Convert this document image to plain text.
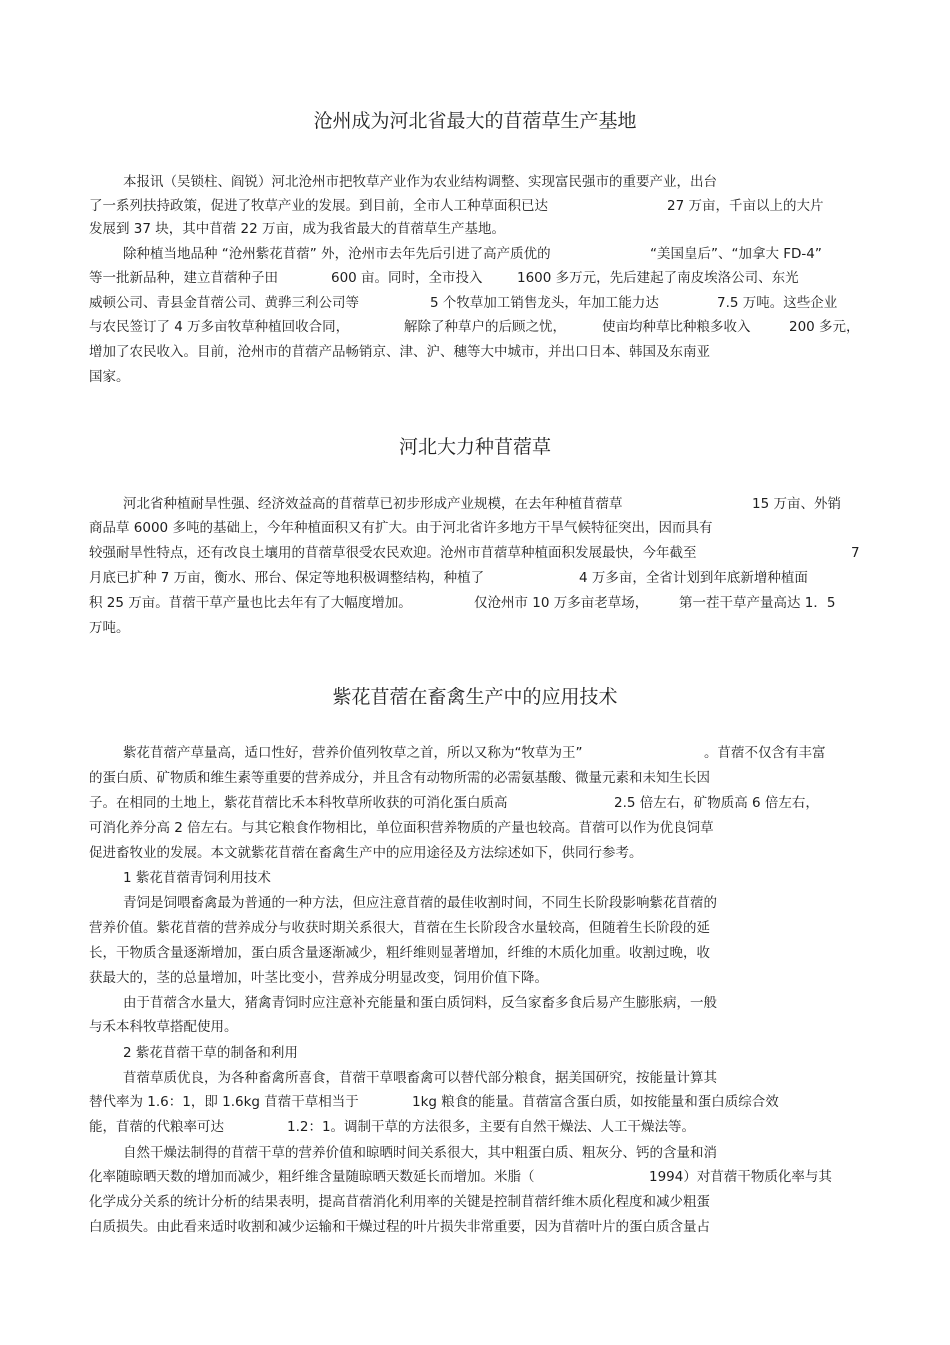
沧州成为河北省最大的苜蓿草生产基地
本报讯（吴锁柱、阎锐）河北沧州市把牧草产业作为农业结构调整、实现富民强市的重要产业，出台
了一系列扶持政策，促进了牧草产业的发展。到目前，全市人工种草面积已达	27 万亩，千亩以上的大片
发展到 37 块，其中苜蓿 22 万亩，成为我省最大的苜蓿草生产基地。
除种植当地品种 “沧州紫花苜蓿” 外，沧州市去年先后引进了高产质优的	“美国皇后”、“加拿大 FD-4”
等一批新品种，建立苜蓿种子田	600 亩。同时，全市投入	1600 多万元，先后建起了南皮埃洛公司、东光
威顿公司、青县金苜蓿公司、黄骅三利公司等	5 个牧草加工销售龙头，年加工能力达	7.5 万吨。这些企业
与农民签订了 4 万多亩牧草种植回收合同，	解除了种草户的后顾之忧，	使亩均种草比种粮多收入	200 多元，
增加了农民收入。目前，沧州市的苜蓿产品畅销京、津、沪、穗等大中城市，并出口日本、韩国及东南亚
国家。
河北大力种苜蓿草
河北省种植耐旱性强、经济效益高的苜蓿草已初步形成产业规模，在去年种植苜蓿草	15 万亩、外销
商品草 6000 多吨的基础上，今年种植面积又有扩大。由于河北省许多地方干旱气候特征突出，因而具有
较强耐旱性特点，还有改良土壤用的苜蓿草很受农民欢迎。沧州市苜蓿草种植面积发展最快，今年截至	7
月底已扩种 7 万亩，衡水、邢台、保定等地积极调整结构，种植了	4 万多亩，全省计划到年底新增种植面
积 25 万亩。苜蓿干草产量也比去年有了大幅度增加。	仅沧州市 10 万多亩老草场， 第一茬干草产量高达 1．5
万吨。
紫花苜蓿在畜禽生产中的应用技术
紫花苜蓿产草量高，适口性好，营养价值列牧草之首，所以又称为“牧草为王”	。苜蓿不仅含有丰富
的蛋白质、矿物质和维生素等重要的营养成分，并且含有动物所需的必需氨基酸、微量元素和未知生长因
子。在相同的土地上，紫花苜蓿比禾本科牧草所收获的可消化蛋白质高	2.5 倍左右，矿物质高 6 倍左右，
可消化养分高 2 倍左右。与其它粮食作物相比，单位面积营养物质的产量也较高。苜蓿可以作为优良饲草
促进畜牧业的发展。本文就紫花苜蓿在畜禽生产中的应用途径及方法综述如下，供同行参考。
1 紫花苜蓿青饲利用技术
青饲是饲喂畜禽最为普通的一种方法，但应注意苜蓿的最佳收割时间，不同生长阶段影响紫花苜蓿的
营养价值。紫花苜蓿的营养成分与收获时期关系很大，苜蓿在生长阶段含水量较高，但随着生长阶段的延
长，干物质含量逐渐增加，蛋白质含量逐渐减少，粗纤维则显著增加，纤维的木质化加重。收割过晚，收
获最大的，茎的总量增加，叶茎比变小，营养成分明显改变，饲用价值下降。
由于苜蓿含水量大，猪禽青饲时应注意补充能量和蛋白质饲料，反刍家畜多食后易产生膨胀病，一般
与禾本科牧草搭配使用。
2 紫花苜蓿干草的制备和利用
苜蓿草质优良，为各种畜禽所喜食，苜蓿干草喂畜禽可以替代部分粮食，据美国研究，按能量计算其
替代率为 1.6：1，即 1.6kg 苜蓿干草相当于	1kg 粮食的能量。苜蓿富含蛋白质，如按能量和蛋白质综合效
能，苜蓿的代粮率可达	1.2：1。调制干草的方法很多，主要有自然干燥法、人工干燥法等。
自然干燥法制得的苜蓿干草的营养价值和晾晒时间关系很大，其中粗蛋白质、粗灰分、钙的含量和消
化率随晾晒天数的增加而减少，粗纤维含量随晾晒天数延长而增加。米脂（	1994）对苜蓿干物质化率与其
化学成分关系的统计分析的结果表明，提高苜蓿消化利用率的关键是控制苜蓿纤维木质化程度和减少粗蛋
白质损失。由此看来适时收割和减少运输和干燥过程的叶片损失非常重要，因为苜蓿叶片的蛋白质含量占
